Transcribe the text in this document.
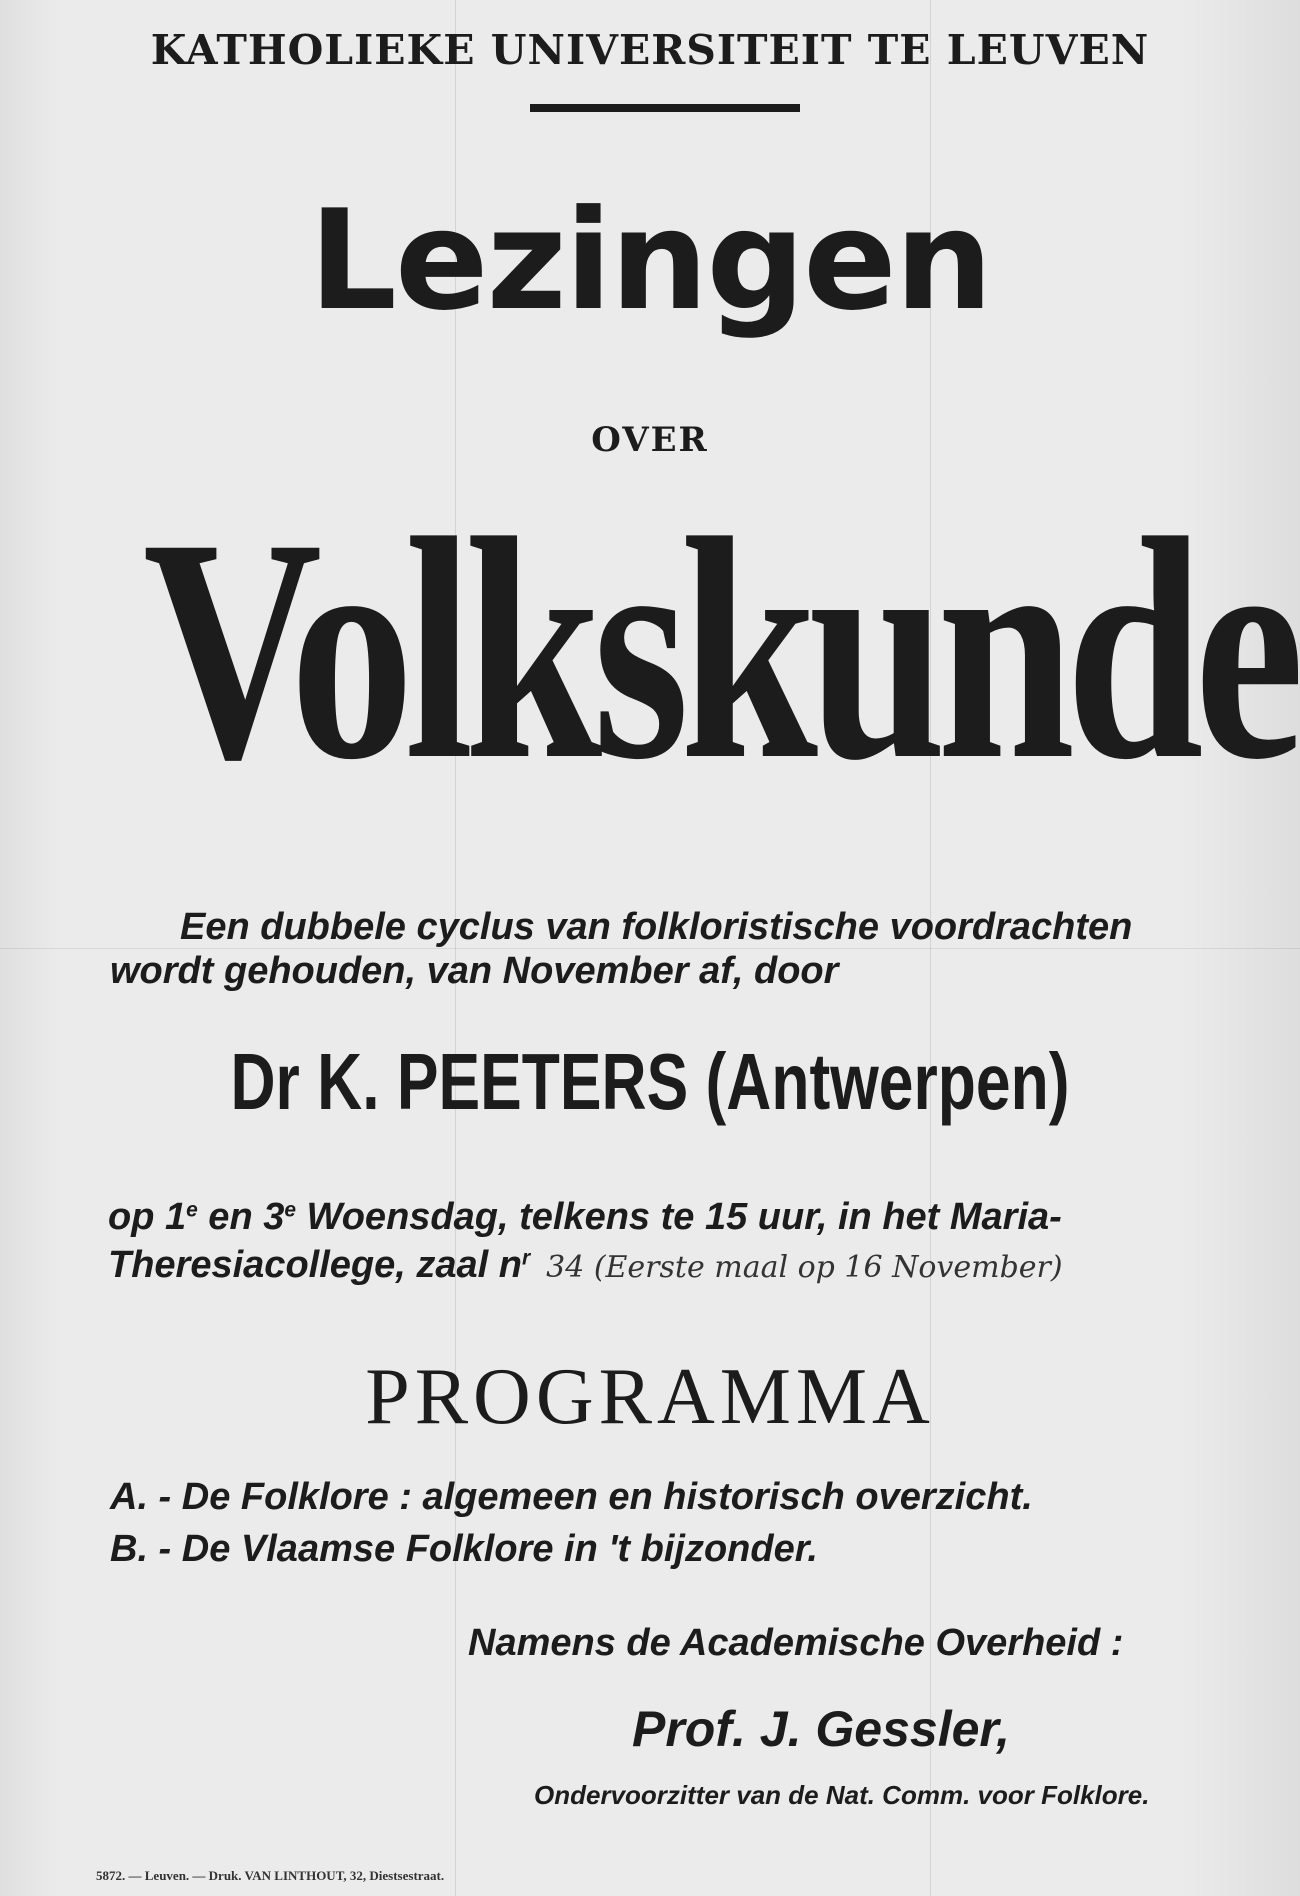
KATHOLIEKE UNIVERSITEIT TE LEUVEN
Lezingen
OVER
Volkskunde
Een dubbele cyclus van folkloristische voordrachten
wordt gehouden, van November af, door
Dr K. PEETERS (Antwerpen)
op 1e en 3e Woensdag, telkens te 15 uur, in het Maria-
Theresiacollege, zaal $n^r$ 34 (Eerste maal op 16 November)
PROGRAMMA
A. - De Folklore : algemeen en historisch overzicht.
B. - De Vlaamse Folklore in 't bijzonder.
Namens de Academische Overheid :
Prof. J. Gessler,
Ondervoorzitter van de Nat. Comm. voor Folklore.
5872. — Leuven. — Druk. VAN LINTHOUT, 32, Diestsestraat.
